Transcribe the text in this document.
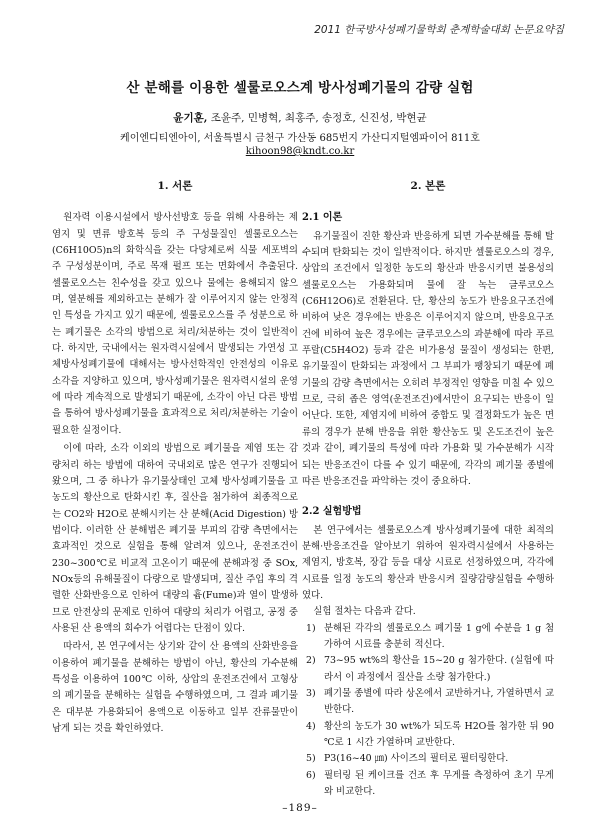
2011 한국방사성폐기물학회 춘계학술대회 논문요약집
산 분해를 이용한 셀룰로오스계 방사성폐기물의 감량 실험
윤기훈, 조윤주, 민병혁, 최홍주, 송정호, 신진성, 박현균
케이엔디티엔아이, 서울특별시 금천구 가산동 685번지 가산디지털엠파이어 811호
kihoon98@kndt.co.kr
1. 서론

원자력 이용시설에서 방사선방호 등을 위해 사용하는 제염지 및 면류 방호복 등의 주 구성물질인 셀룰로오스는 (C6H10O5)n의 화학식을 갖는 다당체로써 식물 세포벽의 주 구성성분이며, 주로 목재 펄프 또는 면화에서 추출된다. 셀룰로오스는 친수성을 갖고 있으나 물에는 용해되지 않으며, 열분해를 제외하고는 분해가 잘 이루어지지 않는 안정적인 특성을 가지고 있기 때문에, 셀룰로오스를 주 성분으로 하는 폐기물은 소각의 방법으로 처리/처분하는 것이 일반적이다. 하지만, 국내에서는 원자력시설에서 발생되는 가연성 고체방사성폐기물에 대해서는 방사선학적인 안전성의 이유로 소각을 지양하고 있으며, 방사성폐기물은 원자력시설의 운영에 따라 계속적으로 발생되기 때문에, 소각이 아닌 다른 방법을 통하여 방사성폐기물을 효과적으로 처리/처분하는 기술이 필요한 실정이다.

이에 따라, 소각 이외의 방법으로 폐기물을 제염 또는 감량처리 하는 방법에 대하여 국내외로 많은 연구가 진행되어 왔으며, 그 중 하나가 유기물상태인 고체 방사성폐기물을 고농도의 황산으로 탄화시킨 후, 질산을 첨가하여 최종적으로는 CO2와 H2O로 분해시키는 산 분해(Acid Digestion) 방법이다. 이러한 산 분해법은 폐기물 부피의 감량 측면에서는 효과적인 것으로 실험을 통해 알려져 있으나, 운전조건이 230~300℃로 비교적 고온이기 때문에 분해과정 중 SOx, NOx등의 유해물질이 다량으로 발생되며, 질산 주입 후의 격렬한 산화반응으로 인하여 대량의 흄(Fume)과 열이 발생하므로 안전상의 문제로 인하여 대량의 처리가 어렵고, 공정 중 사용된 산 용액의 회수가 어렵다는 단점이 있다.

따라서, 본 연구에서는 상기와 같이 산 용액의 산화반응을 이용하여 폐기물을 분해하는 방법이 아닌, 황산의 가수분해 특성을 이용하여 100℃ 이하, 상압의 운전조건에서 고형상의 폐기물을 분해하는 실험을 수행하였으며, 그 결과 폐기물은 대부분 가용화되어 용액으로 이동하고 일부 잔류물만이 남게 되는 것을 확인하였다.

2. 본론
2.1 이론

유기물질이 진한 황산과 반응하게 되면 가수분해를 통해 탈수되며 탄화되는 것이 일반적이다. 하지만 셀룰로오스의 경우, 상압의 조건에서 일정한 농도의 황산과 반응시키면 불용성의 셀룰로오스는 가용화되며 물에 잘 녹는 글루코오스(C6H12O6)로 전환된다. 단, 황산의 농도가 반응요구조건에 비하여 낮은 경우에는 반응은 이루어지지 않으며, 반응요구조건에 비하여 높은 경우에는 글루코오스의 과분해에 따라 푸르푸랄(C5H4O2) 등과 같은 비가용성 물질이 생성되는 한편, 유기물질이 탄화되는 과정에서 그 부피가 팽창되기 때문에 폐기물의 감량 측면에서는 오히려 부정적인 영향을 미칠 수 있으므로, 극히 좁은 영역(운전조건)에서만이 요구되는 반응이 일어난다. 또한, 제염지에 비하여 중합도 및 결정화도가 높은 면류의 경우가 분해 반응을 위한 황산농도 및 온도조건이 높은 것과 같이, 폐기물의 특성에 따라 가용화 및 가수분해가 시작되는 반응조건이 다를 수 있기 때문에, 각각의 폐기물 종별에 따른 반응조건을 파악하는 것이 중요하다.

2.2 실험방법

본 연구에서는 셀룰로오스계 방사성폐기물에 대한 최적의 분해·반응조건을 알아보기 위하여 원자력시설에서 사용하는 제염지, 방호복, 장갑 등을 대상 시료로 선정하였으며, 각각에 시료를 일정 농도의 황산과 반응시켜 질량감량실험을 수행하였다.

실험 절차는 다음과 같다.
1) 분해된 각각의 셀룰로오스 폐기물 1 g에 수분을 1 g 첨가하여 시료를 충분히 적신다.
2) 73~95 wt%의 황산을 15~20 g 첨가한다. (실험에 따라서 이 과정에서 질산을 소량 첨가한다.)
3) 폐기물 종별에 따라 상온에서 교반하거나, 가열하면서 교반한다.
4) 황산의 농도가 30 wt%가 되도록 H2O를 첨가한 뒤 90 ℃로 1 시간 가열하며 교반한다.
5) P3(16~40 ㎛) 사이즈의 필터로 필터링한다.
6) 필터링 된 케이크를 건조 후 무게를 측정하여 초기 무게와 비교한다.
–189–
